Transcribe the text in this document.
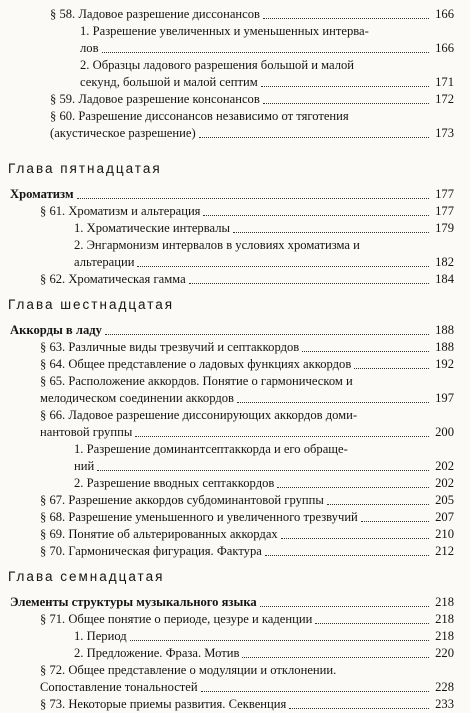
§ 58. Ладовое разрешение диссонансов	166
1. Разрешение увеличенных и уменьшенных интерва-
лов	166
2. Образцы ладового разрешения большой и малой
секунд, большой и малой септим	171
§ 59. Ладовое разрешение консонансов	172
§ 60. Разрешение диссонансов независимо от тяготения
(акустическое разрешение)	173
Хроматизм	177
§ 61. Хроматизм и альтерация	177
1. Хроматические интервалы	179
2. Энгармонизм интервалов в условиях хроматизма и
альтерации	182
§ 62. Хроматическая гамма	184
Аккорды в ладу	188
§ 63. Различные виды трезвучий и септаккордов	188
§ 64. Общее представление о ладовых функциях аккордов	192
§ 65. Расположение аккордов. Понятие о гармоническом и
мелодическом соединении аккордов	197
§ 66. Ладовое разрешение диссонирующих аккордов доми-
нантовой группы	200
1. Разрешение доминантсептаккорда и его обраще-
ний	202
2. Разрешение вводных септаккордов	202
§ 67. Разрешение аккордов субдоминантовой группы	205
§ 68. Разрешение уменьшенного и увеличенного трезвучий	207
§ 69. Понятие об альтерированных аккордах	210
§ 70. Гармоническая фигурация. Фактура	212
Элементы структуры музыкального языка	218
§ 71. Общее понятие о периоде, цезуре и каденции	218
1. Период	218
2. Предложение. Фраза. Мотив	220
§ 72. Общее представление о модуляции и отклонении.
Сопоставление тональностей	228
§ 73. Некоторые приемы развития. Секвенция	233
Глава пятнадцатая
Глава шестнадцатая
Глава семнадцатая
